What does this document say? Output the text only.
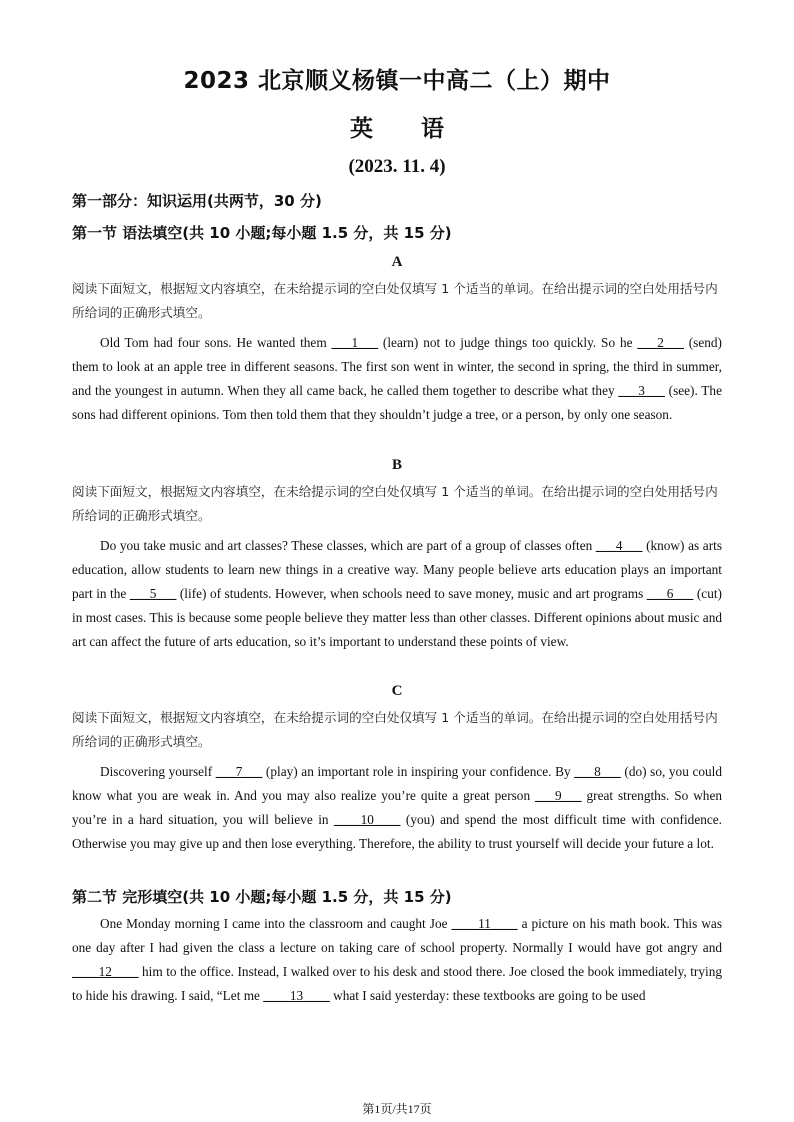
2023 北京顺义杨镇一中高二（上）期中
英 语
(2023. 11. 4)
第一部分：知识运用(共两节，30 分)
第一节 语法填空(共 10 小题;每小题 1.5 分，共 15 分)
A
阅读下面短文，根据短文内容填空，在未给提示词的空白处仅填写 1 个适当的单词。在给出提示词的空白处用括号内所给词的正确形式填空。
Old Tom had four sons. He wanted them ___1___ (learn) not to judge things too quickly. So he ___2___ (send) them to look at an apple tree in different seasons. The first son went in winter, the second in spring, the third in summer, and the youngest in autumn. When they all came back, he called them together to describe what they ___3___ (see). The sons had different opinions. Tom then told them that they shouldn’t judge a tree, or a person, by only one season.
B
阅读下面短文，根据短文内容填空，在未给提示词的空白处仅填写 1 个适当的单词。在给出提示词的空白处用括号内所给词的正确形式填空。
Do you take music and art classes? These classes, which are part of a group of classes often ___4___ (know) as arts education, allow students to learn new things in a creative way. Many people believe arts education plays an important part in the ___5___ (life) of students. However, when schools need to save money, music and art programs ___6___ (cut) in most cases. This is because some people believe they matter less than other classes. Different opinions about music and art can affect the future of arts education, so it’s important to understand these points of view.
C
阅读下面短文，根据短文内容填空，在未给提示词的空白处仅填写 1 个适当的单词。在给出提示词的空白处用括号内所给词的正确形式填空。
Discovering yourself ___7___ (play) an important role in inspiring your confidence. By ___8___ (do) so, you could know what you are weak in. And you may also realize you’re quite a great person ___9___ great strengths. So when you’re in a hard situation, you will believe in ____10____ (you) and spend the most difficult time with confidence. Otherwise you may give up and then lose everything. Therefore, the ability to trust yourself will decide your future a lot.
第二节 完形填空(共 10 小题;每小题 1.5 分，共 15 分)
One Monday morning I came into the classroom and caught Joe ____11____ a picture on his math book. This was one day after I had given the class a lecture on taking care of school property. Normally I would have got angry and ____12____ him to the office. Instead, I walked over to his desk and stood there. Joe closed the book immediately, trying to hide his drawing. I said, “Let me ____13____ what I said yesterday: these textbooks are going to be used
第1页/共17页
